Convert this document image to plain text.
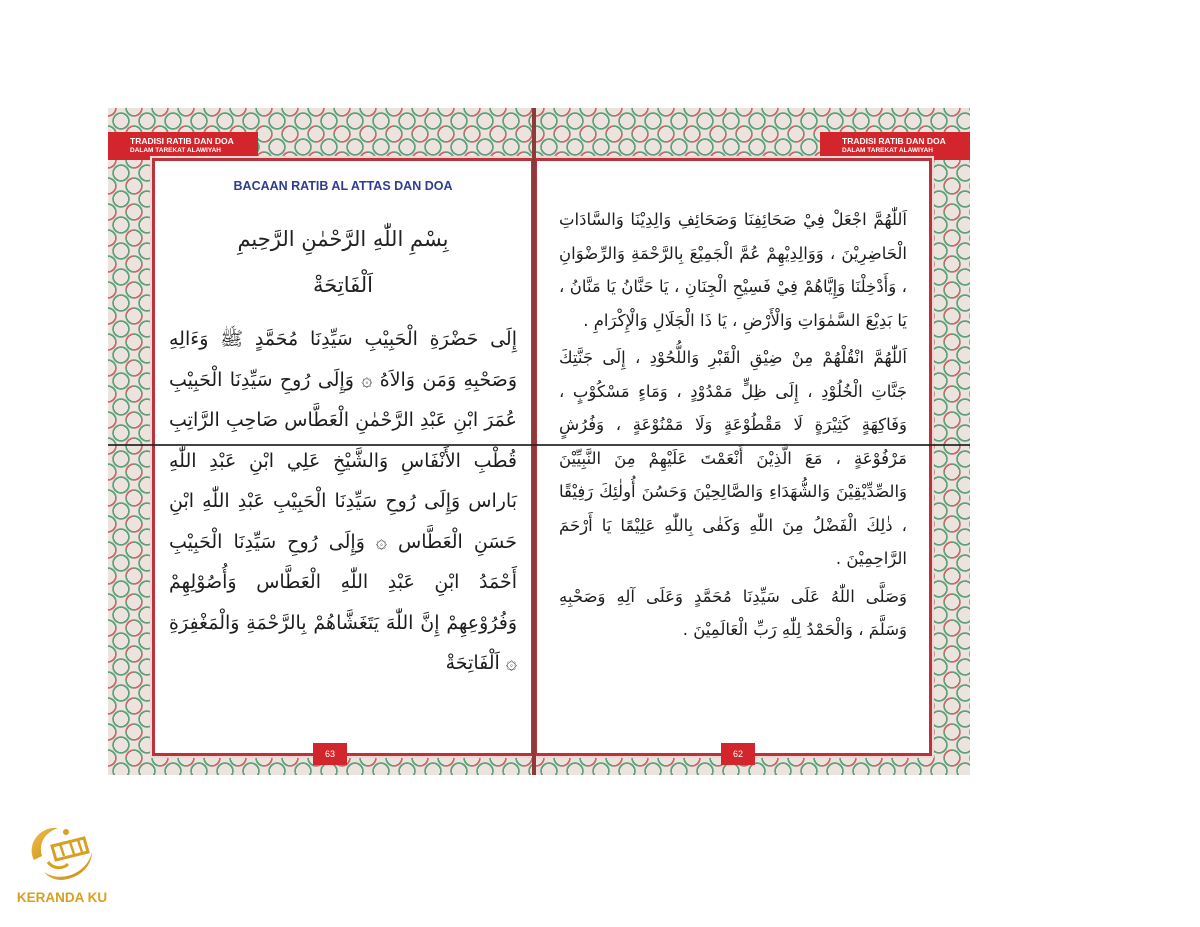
TRADISI RATIB DAN DOA
DALAM TAREKAT ALAWIYAH
BACAAN RATIB AL ATTAS DAN DOA
بِسْمِ اللّٰهِ الرَّحْمٰنِ الرَّحِيمِ
اَلْفَاتِحَةْ

إِلَى حَضْرَةِ الْحَبِيْبِ سَيِّدِنَا مُحَمَّدٍ ﷺ وَءَالِهِ وَصَحْبِهِ وَمَن وَالاَهُ ۞ وَإِلَى رُوحِ سَيِّدِنَا الْحَبِيْبِ عُمَرَ ابْنِ عَبْدِ الرَّحْمٰنِ الْعَطَّاس صَاحِبِ الرَّاتِبِ قُطْبِ الأَنْفَاسِ وَالشَّيْخِ عَلِي ابْنِ عَبْدِ اللّٰهِ بَاراس وَإِلَى رُوحِ سَيِّدِنَا الْحَبِيْبِ عَبْدِ اللّٰهِ ابْنِ حَسَنِ الْعَطَّاس ۞ وَإِلَى رُوحِ سَيِّدِنَا الْحَبِيْبِ أَحْمَدُ ابْنِ عَبْدِ اللّٰهِ الْعَطَّاس وَأُصُوْلِهِمْ وَفُرُوْعِهِمْ إِنَّ اللّٰهَ يَتَغَشَّاهُمْ بِالرَّحْمَةِ وَالْمَغْفِرَةِ ۞ اَلْفَاتِحَةْ

63
TRADISI RATIB DAN DOA
DALAM TAREKAT ALAWIYAH

اَللّٰهُمَّ اجْعَلْ فِيْ صَحَائِفِنَا وَصَحَائِفِ وَالِدِيْنَا وَالسَّادَاتِ الْحَاضِرِيْنَ ، وَوَالِدِيْهِمْ عُمَّ الْجَمِيْعَ بِالرَّحْمَةِ وَالرِّضْوَانِ ، وَأَدْخِلْنَا وَإِيَّاهُمْ فِيْ فَسِيْحِ الْجِنَانِ ، يَا حَنَّانُ يَا مَنَّانُ ، يَا بَدِيْعَ السَّمٰوَاتِ وَالْأَرْضِ ، يَا ذَا الْجَلَالِ وَالْإِكْرَامِ .

اَللّٰهُمَّ انْقُلْهُمْ مِنْ ضِيْقِ الْقَبْرِ وَاللُّحُوْدِ ، إِلَى جَنَّتِكَ جَنَّاتِ الْخُلُوْدِ ، إِلَى ظِلٍّ مَمْدُوْدٍ ، وَمَاءٍ مَسْكُوْبٍ ، وَفَاكِهَةٍ كَثِيْرَةٍ لَا مَقْطُوْعَةٍ وَلَا مَمْنُوْعَةٍ ، وَفُرُشٍ مَرْفُوْعَةٍ ، مَعَ الَّذِيْنَ أَنْعَمْتَ عَلَيْهِمْ مِنَ النَّبِيِّيْنَ وَالصِّدِّيْقِيْنَ وَالشُّهَدَاءِ وَالصَّالِحِيْنَ وَحَسُنَ أُولٰئِكَ رَفِيْقًا ، ذٰلِكَ الْفَضْلُ مِنَ اللّٰهِ وَكَفٰى بِاللّٰهِ عَلِيْمًا يَا أَرْحَمَ الرَّاحِمِيْنَ .

وَصَلَّى اللّٰهُ عَلَى سَيِّدِنَا مُحَمَّدٍ وَعَلَى آلِهِ وَصَحْبِهِ وَسَلَّمَ ، وَالْحَمْدُ لِلّٰهِ رَبِّ الْعَالَمِيْنَ .

62
KERANDA KU
